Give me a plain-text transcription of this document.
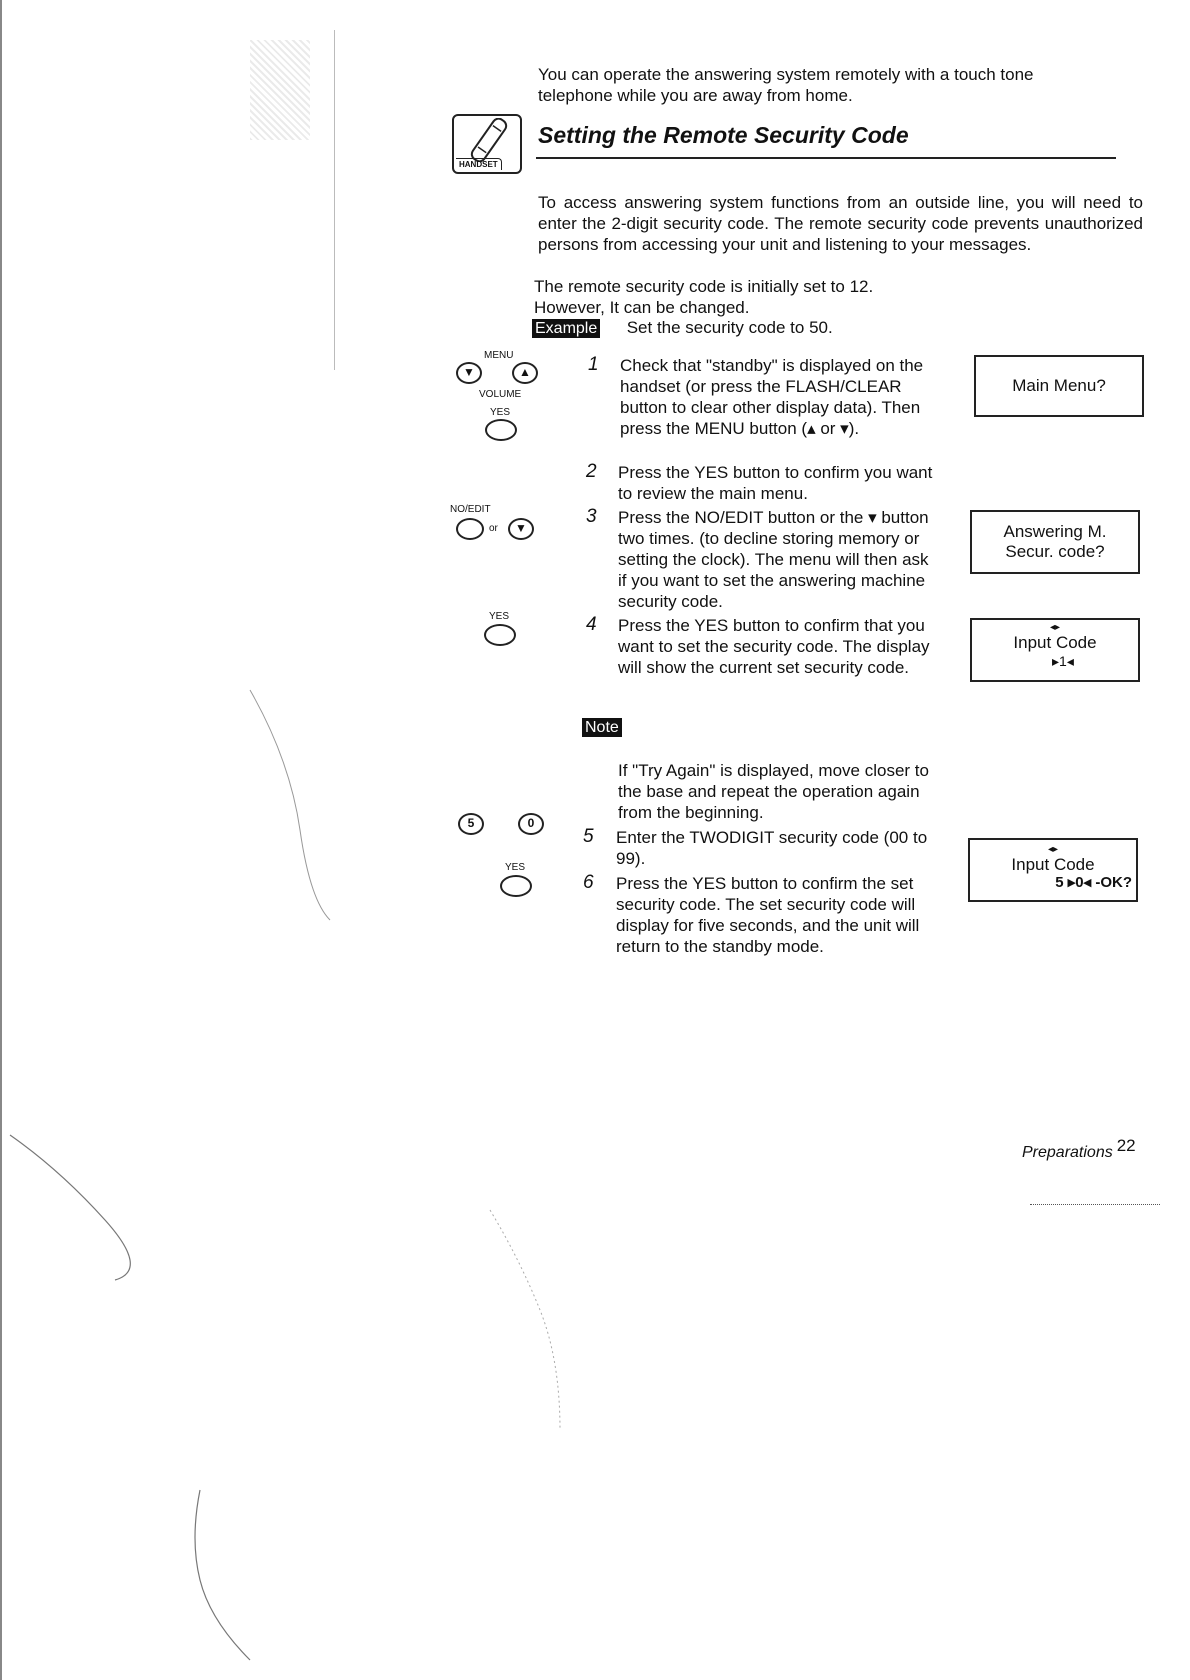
You can operate the answering system remotely with a touch tone
telephone while you are away from home.
HANDSET
Setting the Remote Security Code
To access answering system functions from an outside line, you will need to enter the 2-digit security code. The remote security code prevents unauthorized persons from accessing your unit and listening to your messages.
The remote security code is initially set to 12.
However, It can be changed.
Example Set the security code to 50.
MENU
▼	▲
VOLUME
YES
NO/EDIT
or	▼
YES
5	0
YES
1 Check that "standby" is displayed on the handset (or press the FLASH/CLEAR button to clear other display data). Then press the MENU button (▴ or ▾).
2 Press the YES button to confirm you want to review the main menu.
3 Press the NO/EDIT button or the ▾ button two times. (to decline storing memory or setting the clock). The menu will then ask if you want to set the answering machine security code.
4 Press the YES button to confirm that you want to set the security code. The display will show the current set security code.
Note
If "Try Again" is displayed, move closer to the base and repeat the operation again from the beginning.
5 Enter the TWODIGIT security code (00 to 99).
6 Press the YES button to confirm the set security code. The set security code will display for five seconds, and the unit will return to the standby mode.
Main Menu?
Answering M.
Secur. code?
◂▸
Input Code
▸1◂
◂▸
Input Code
5 ▸0◂ -OK?
Preparations 22
